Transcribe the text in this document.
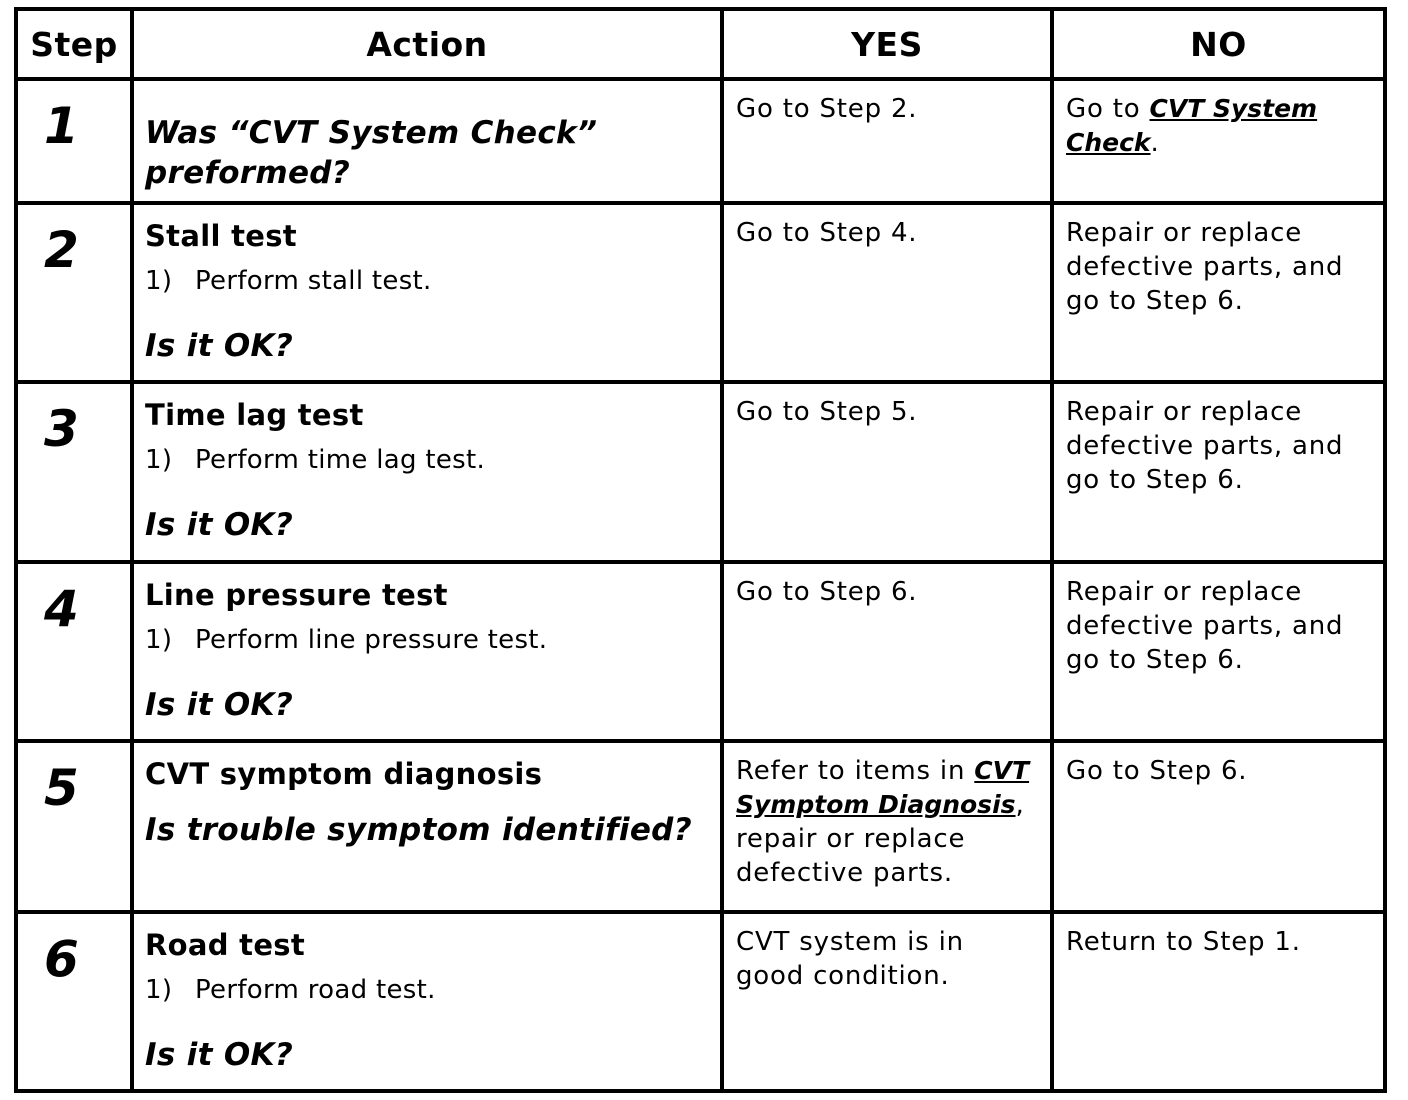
Step	Action	YES	NO

1	Was “CVT System Check” preformed?	Go to Step 2.	Go to CVT System Check.

2	Stall test
1) Perform stall test.
Is it OK?	Go to Step 4.	Repair or replace defective parts, and go to Step 6.

3	Time lag test
1) Perform time lag test.
Is it OK?	Go to Step 5.	Repair or replace defective parts, and go to Step 6.

4	Line pressure test
1) Perform line pressure test.
Is it OK?	Go to Step 6.	Repair or replace defective parts, and go to Step 6.

5	CVT symptom diagnosis
Is trouble symptom identified?	Refer to items in CVT Symptom Diagnosis, repair or replace defective parts.	Go to Step 6.

6	Road test
1) Perform road test.
Is it OK?	CVT system is in good condition.	Return to Step 1.
